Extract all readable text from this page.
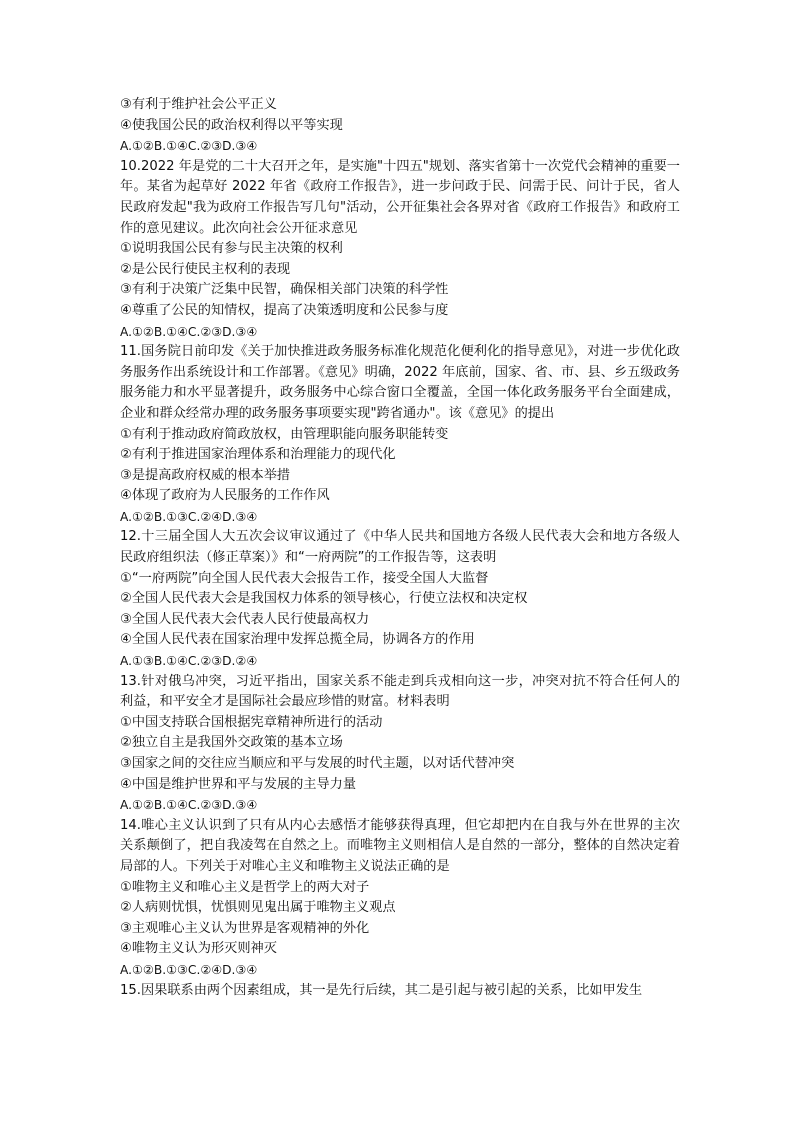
③有利于维护社会公平正义
④使我国公民的政治权利得以平等实现
A.①②B.①④C.②③D.③④
10.2022 年是党的二十大召开之年，是实施"十四五"规划、落实省第十一次党代会精神的重要一年。某省为起草好 2022 年省《政府工作报告》，进一步问政于民、问需于民、问计于民，省人民政府发起"我为政府工作报告写几句"活动，公开征集社会各界对省《政府工作报告》和政府工作的意见建议。此次向社会公开征求意见
①说明我国公民有参与民主决策的权利
②是公民行使民主权利的表现
③有利于决策广泛集中民智，确保相关部门决策的科学性
④尊重了公民的知情权，提高了决策透明度和公民参与度
A.①②B.①④C.②③D.③④
11.国务院日前印发《关于加快推进政务服务标准化规范化便利化的指导意见》，对进一步优化政务服务作出系统设计和工作部署。《意见》明确，2022 年底前，国家、省、市、县、乡五级政务服务能力和水平显著提升，政务服务中心综合窗口全覆盖，全国一体化政务服务平台全面建成，企业和群众经常办理的政务服务事项要实现"跨省通办"。该《意见》的提出
①有利于推动政府简政放权，由管理职能向服务职能转变
②有利于推进国家治理体系和治理能力的现代化
③是提高政府权威的根本举措
④体现了政府为人民服务的工作作风
A.①②B.①③C.②④D.③④
12.十三届全国人大五次会议审议通过了《中华人民共和国地方各级人民代表大会和地方各级人民政府组织法（修正草案）》和“一府两院”的工作报告等，这表明
①“一府两院”向全国人民代表大会报告工作，接受全国人大监督
②全国人民代表大会是我国权力体系的领导核心，行使立法权和决定权
③全国人民代表大会代表人民行使最高权力
④全国人民代表在国家治理中发挥总揽全局，协调各方的作用
A.①③B.①④C.②③D.②④
13.针对俄乌冲突，习近平指出，国家关系不能走到兵戎相向这一步，冲突对抗不符合任何人的利益，和平安全才是国际社会最应珍惜的财富。材料表明
①中国支持联合国根据宪章精神所进行的活动
②独立自主是我国外交政策的基本立场
③国家之间的交往应当顺应和平与发展的时代主题，以对话代替冲突
④中国是维护世界和平与发展的主导力量
A.①②B.①④C.②③D.③④
14.唯心主义认识到了只有从内心去感悟才能够获得真理，但它却把内在自我与外在世界的主次关系颠倒了，把自我凌驾在自然之上。而唯物主义则相信人是自然的一部分，整体的自然决定着局部的人。下列关于对唯心主义和唯物主义说法正确的是
①唯物主义和唯心主义是哲学上的两大对子
②人病则忧惧，忧惧则见鬼出属于唯物主义观点
③主观唯心主义认为世界是客观精神的外化
④唯物主义认为形灭则神灭
A.①②B.①③C.②④D.③④
15.因果联系由两个因素组成，其一是先行后续，其二是引起与被引起的关系，比如甲发生
